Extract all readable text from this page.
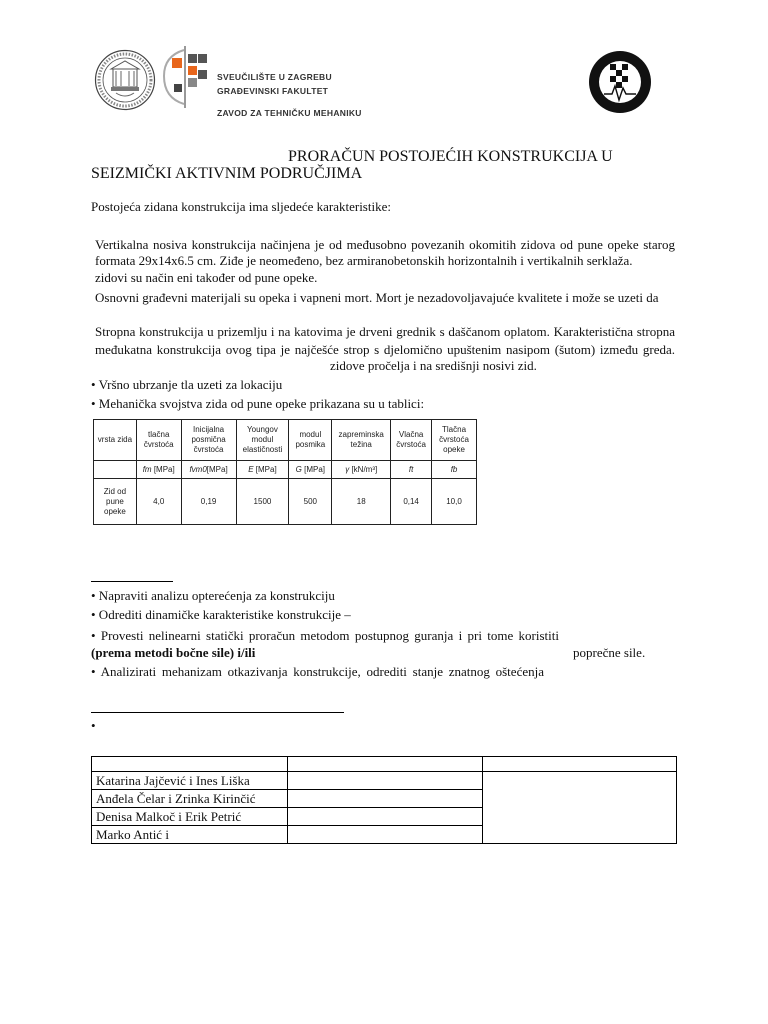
SVEUČILIŠTE U ZAGREBU
GRAĐEVINSKI FAKULTET
ZAVOD ZA TEHNIČKU MEHANIKU
PRORAČUN POSTOJEĆIH KONSTRUKCIJA U
SEIZMIČKI AKTIVNIM PODRUČJIMA
Postojeća zidana konstrukcija ima sljedeće karakteristike:
Vertikalna nosiva konstrukcija načinjena je od međusobno povezanih okomitih zidova od pune opeke starog
formata 29x14x6.5 cm. Ziđe je neomeđeno, bez armiranobetonskih horizontalnih i vertikalnih serklaža.
zidovi su način eni također od pune opeke.
Osnovni građevni materijali su opeka i vapneni mort. Mort je nezadovoljavajuće kvalitete i može se uzeti da
Stropna konstrukcija u prizemlju i na katovima je drveni grednik s daščanom oplatom. Karakteristična stropna
međukatna konstrukcija ovog tipa je najčešće strop s djelomično upuštenim nasipom (šutom) između greda.
zidove pročelja i na središnji nosivi zid.
• Vršno ubrzanje tla uzeti za lokaciju
• Mehanička svojstva zida od pune opeke prikazana su u tablici:
vrsta zida	tlačna čvrstoća	Inicijalna posmična čvrstoća	Youngov modul elastičnosti	modul posmika	zapreminska težina	Vlačna čvrstoća	Tlačna čvrstoća opeke
	fm [MPa]	fvm0[MPa]	E [MPa]	G [MPa]	γ [kN/m³]	ft	fb
Zid od pune opeke	4,0	0,19	1500	500	18	0,14	10,0
• Napraviti analizu opterećenja za konstrukciju
• Odrediti dinamičke karakteristike konstrukcije –
• Provesti nelinearni statički proračun metodom postupnog guranja i pri tome koristiti
(prema metodi bočne sile) i/ili	poprečne sile.
• Analizirati mehanizam otkazivanja konstrukcije, odrediti stanje znatnog oštećenja
•

Katarina Jajčević i Ines Liška		
Anđela Čelar i Zrinka Kirinčić		
Denisa Malkoč i Erik Petrić		
Marko Antić i		
